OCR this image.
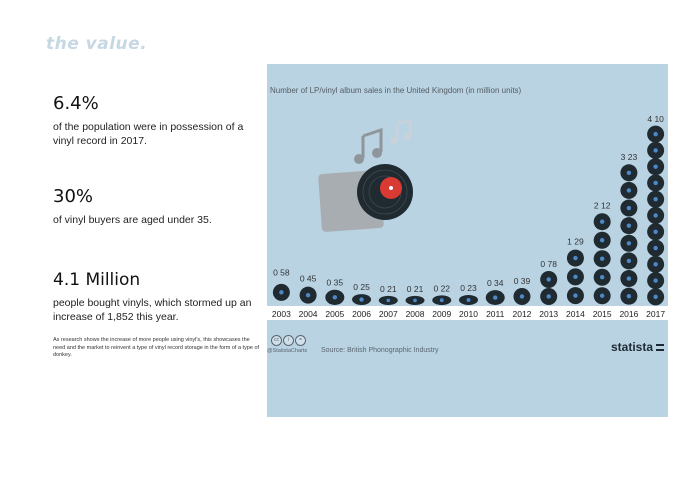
the value.
6.4%
of the population were in possession of a vinyl record in 2017.
30%
of vinyl buyers are aged under 35.
4.1 Million
people bought vinyls, which stormed up an increase of 1,852 this year.
As research shows the increase of more people using vinyl's, this showcases the need and the market to reinvent a type of vinyl record storage in the form of a type of donkey.
Number of LP/vinyl album sales in the United Kingdom (in million units)
0 58
2003
0 45
2004
0 35
2005
0 25
2006
0 21
2007
0 21
2008
0 22
2009
0 23
2010
0 34
2011
0 39
2012
0 78
2013
1 29
2014
2 12
2015
3 23
2016
4 10
2017
cc i =
@StatistaCharts Source: British Phonographic Industry	statista
